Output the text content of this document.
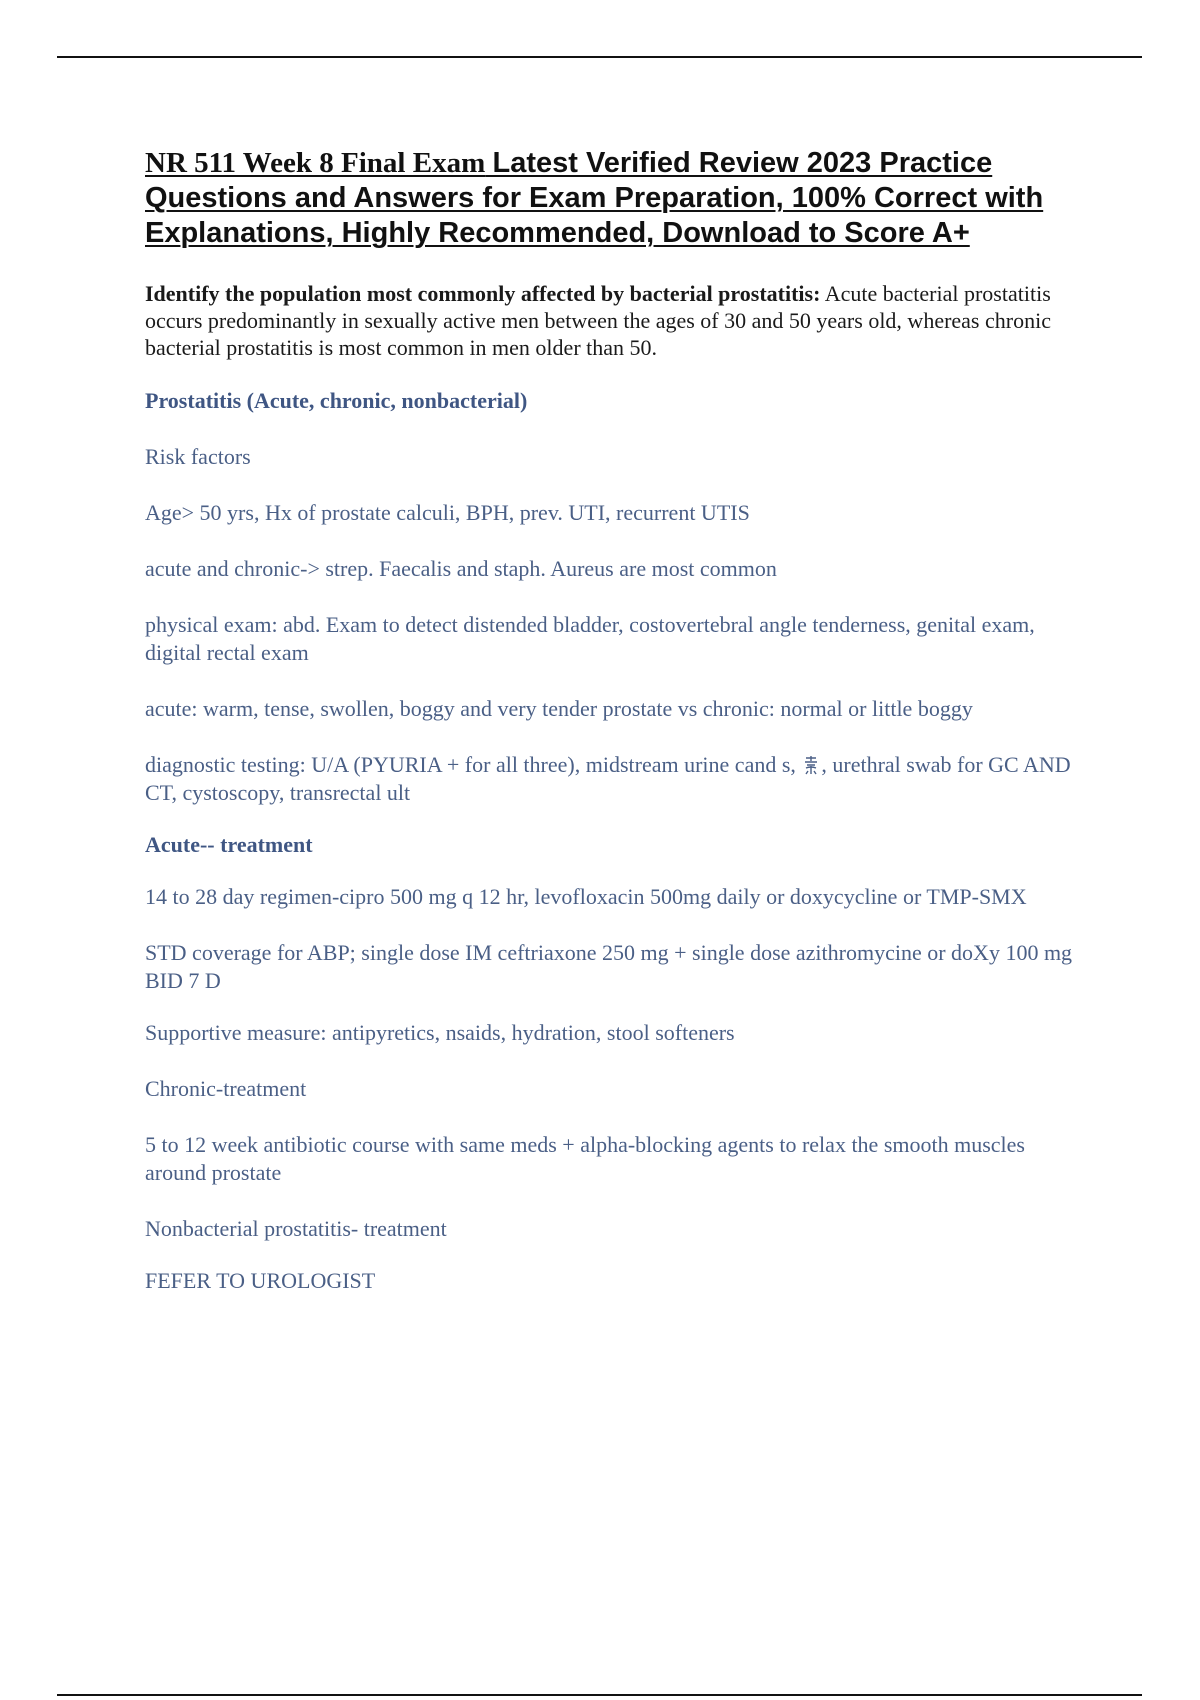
NR 511 Week 8 Final Exam Latest Verified Review 2023 Practice Questions and Answers for Exam Preparation, 100% Correct with Explanations, Highly Recommended, Download to Score A+

Identify the population most commonly affected by bacterial prostatitis: Acute bacterial prostatitis occurs predominantly in sexually active men between the ages of 30 and 50 years old, whereas chronic bacterial prostatitis is most common in men older than 50.

Prostatitis (Acute, chronic, nonbacterial)

Risk factors

Age> 50 yrs, Hx of prostate calculi, BPH, prev. UTI, recurrent UTIS

acute and chronic-> strep. Faecalis and staph. Aureus are most common

physical exam: abd. Exam to detect distended bladder, costovertebral angle tenderness, genital exam, digital rectal exam

acute: warm, tense, swollen, boggy and very tender prostate vs chronic: normal or little boggy

diagnostic testing: U/A (PYURIA + for all three), midstream urine cand s, , urethral swab for GC AND CT, cystoscopy, transrectal ult

Acute-- treatment

14 to 28 day regimen-cipro 500 mg q 12 hr, levofloxacin 500mg daily or doxycycline or TMP-SMX

STD coverage for ABP; single dose IM ceftriaxone 250 mg + single dose azithromycine or doXy 100 mg BID 7 D

Supportive measure: antipyretics, nsaids, hydration, stool softeners

Chronic-treatment

5 to 12 week antibiotic course with same meds + alpha-blocking agents to relax the smooth muscles around prostate

Nonbacterial prostatitis- treatment

FEFER TO UROLOGIST
